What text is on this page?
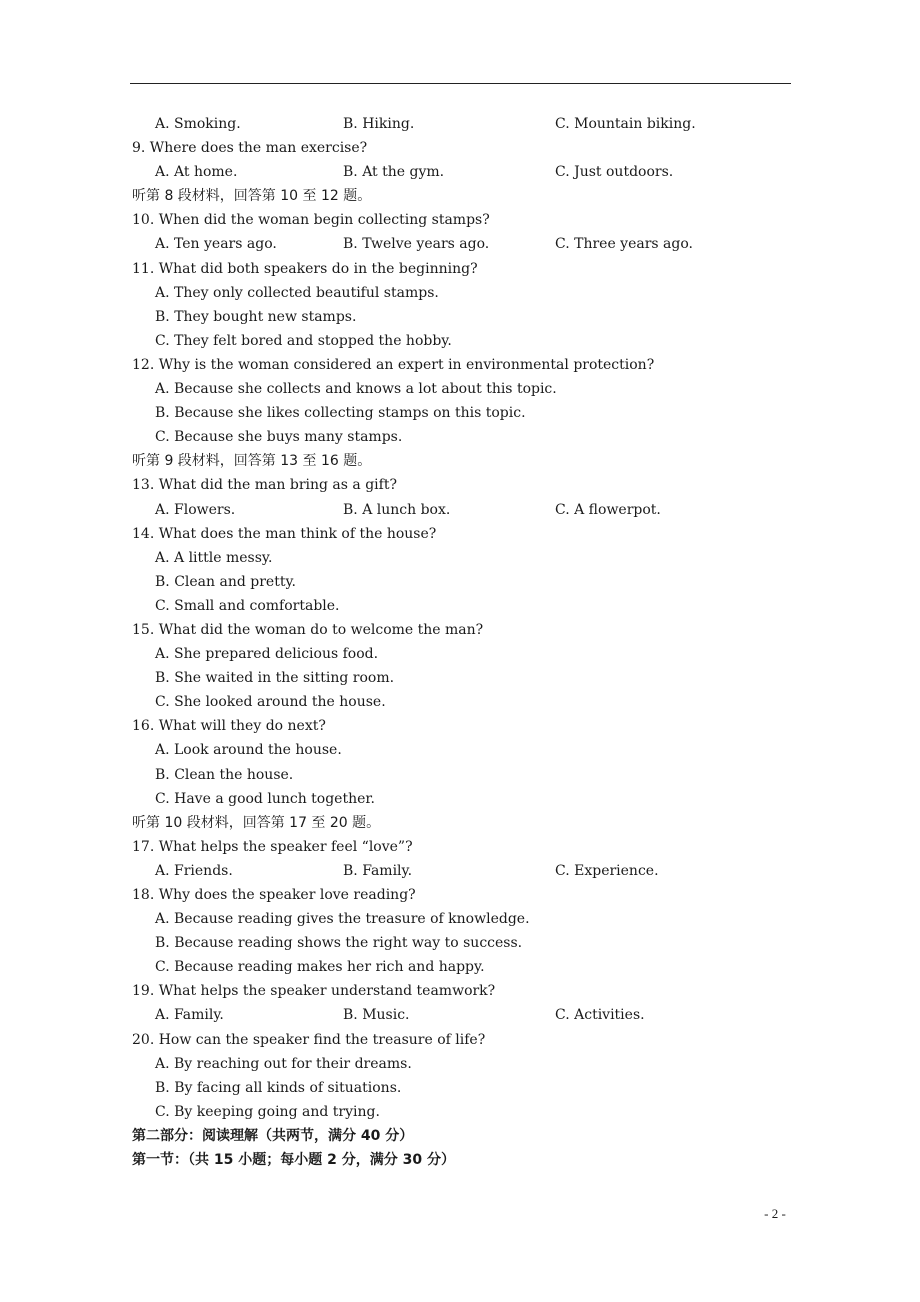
A. Smoking.

	B. Hiking.

	C. Mountain biking.

9. Where does the man exercise?

A. At home.

	B. At the gym.

	C. Just outdoors.

听第 8 段材料，回答第 10 至 12 题。
10. When did the woman begin collecting stamps?

A. Ten years ago.

	B. Twelve years ago.

	C. Three years ago.

11. What did both speakers do in the beginning?
A. They only collected beautiful stamps.
B. They bought new stamps.
C. They felt bored and stopped the hobby.
12. Why is the woman considered an expert in environmental protection?
A. Because she collects and knows a lot about this topic.
B. Because she likes collecting stamps on this topic.
C. Because she buys many stamps.
听第 9 段材料，回答第 13 至 16 题。
13. What did the man bring as a gift?

A. Flowers.

	B. A lunch box.

	C. A flowerpot.

14. What does the man think of the house?
A. A little messy.
B. Clean and pretty.
C. Small and comfortable.
15. What did the woman do to welcome the man?
A. She prepared delicious food.
B. She waited in the sitting room.
C. She looked around the house.
16. What will they do next?
A. Look around the house.
B. Clean the house.
C. Have a good lunch together.
听第 10 段材料，回答第 17 至 20 题。
17. What helps the speaker feel “love”?

A. Friends.

	B. Family.

	C. Experience.

18. Why does the speaker love reading?
A. Because reading gives the treasure of knowledge.
B. Because reading shows the right way to success.
C. Because reading makes her rich and happy.
19. What helps the speaker understand teamwork?

A. Family.

	B. Music.

	C. Activities.

20. How can the speaker find the treasure of life?
A. By reaching out for their dreams.
B. By facing all kinds of situations.
C. By keeping going and trying.
第二部分：阅读理解（共两节，满分 40 分）
第一节：（共 15 小题；每小题 2 分，满分 30 分）
- 2 -
